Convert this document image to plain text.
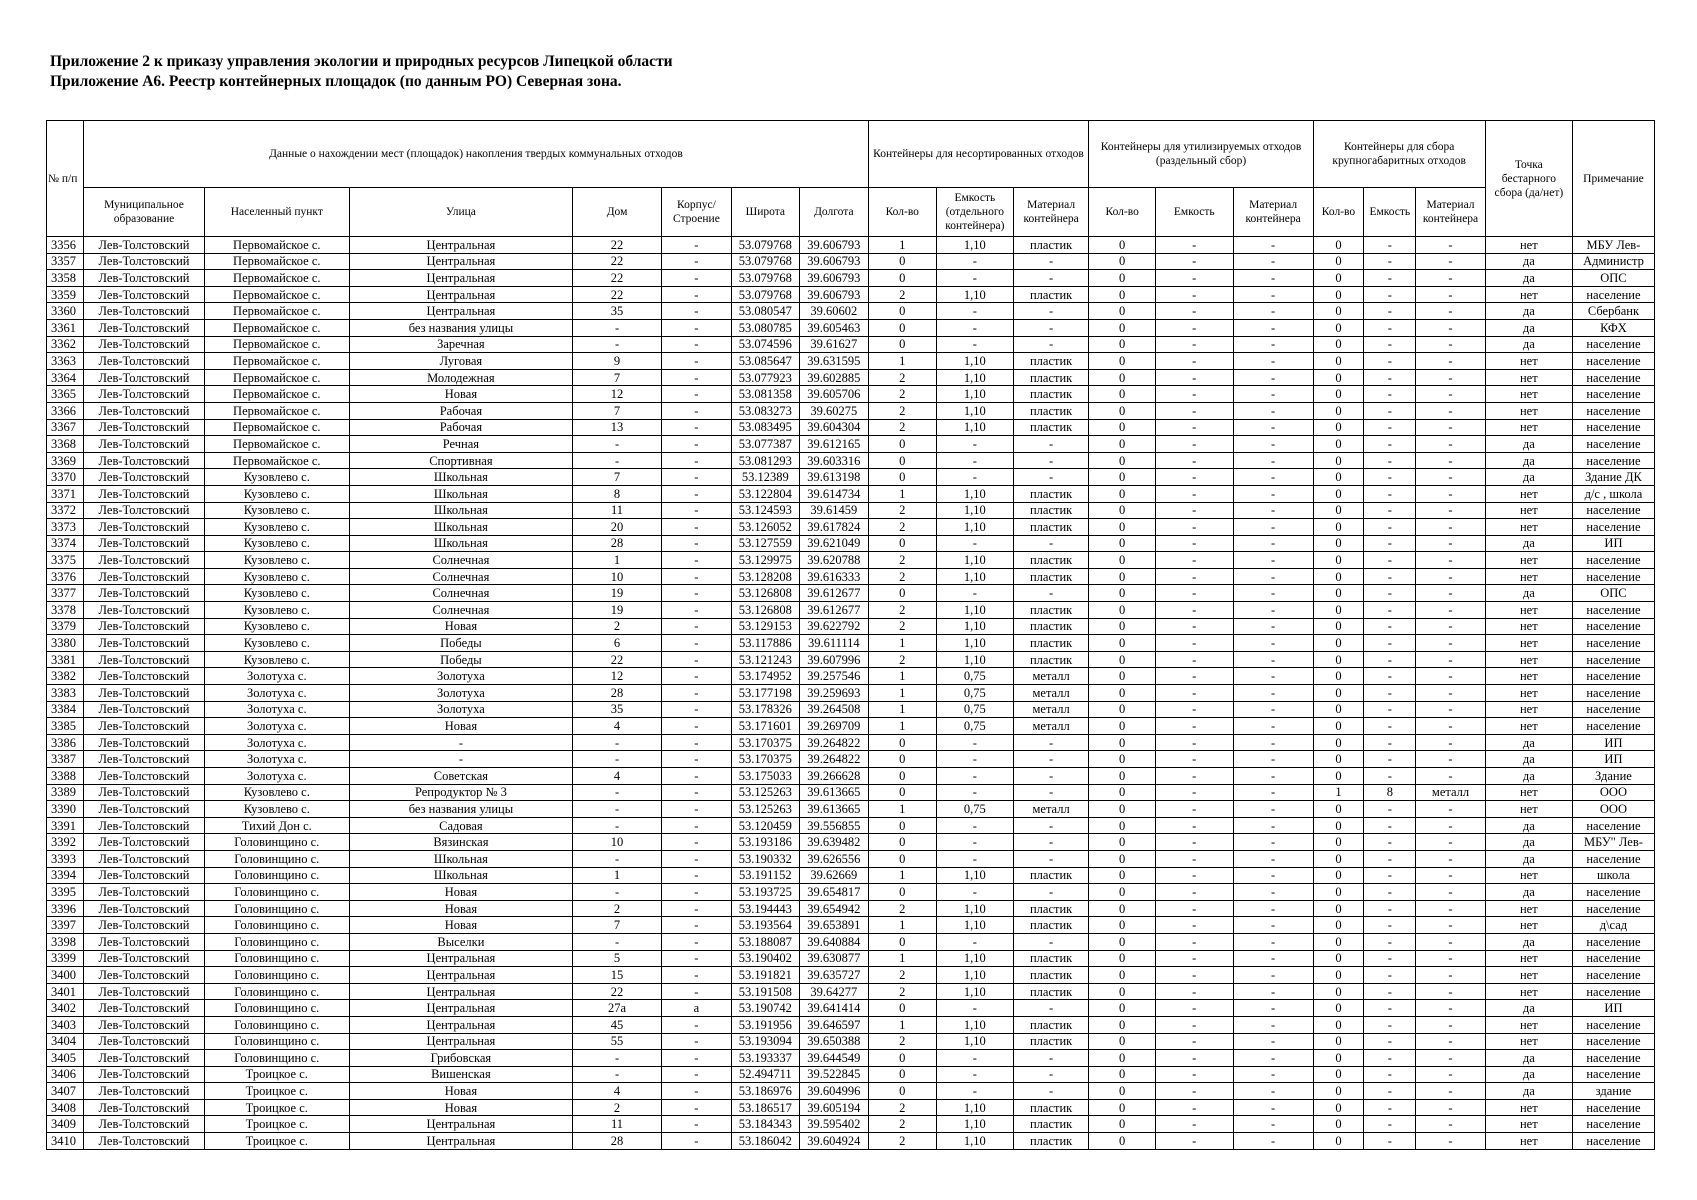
Приложение 2 к приказу управления экологии и природных ресурсов Липецкой области
Приложение А6. Реестр контейнерных площадок (по данным РО) Северная зона.
№ п/п	Данные о нахождении мест (площадок) накопления твердых коммунальных отходов							Контейнеры для несортированных отходов			Контейнеры для утилизируемых отходов (раздельный сбор)			Контейнеры для сбора крупногабаритных отходов			Точка бестарного сбора (да/нет)	Примечание
	Муниципальное образование	Населенный пункт	Улица	Дом	Корпус/ Строение	Широта	Долгота	Кол-во	Емкость (отдельного контейнера)	Материал контейнера	Кол-во	Емкость	Материал контейнера	Кол-во	Емкость	Материал контейнера		
3356	Лев-Толстовский	Первомайское с.	Центральная	22	-	53.079768	39.606793	1	1,10	пластик	0	-	-	0	-	-	нет	МБУ Лев-
3357	Лев-Толстовский	Первомайское с.	Центральная	22	-	53.079768	39.606793	0	-	-	0	-	-	0	-	-	да	Администр
3358	Лев-Толстовский	Первомайское с.	Центральная	22	-	53.079768	39.606793	0	-	-	0	-	-	0	-	-	да	ОПС
3359	Лев-Толстовский	Первомайское с.	Центральная	22	-	53.079768	39.606793	2	1,10	пластик	0	-	-	0	-	-	нет	население
3360	Лев-Толстовский	Первомайское с.	Центральная	35	-	53.080547	39.60602	0	-	-	0	-	-	0	-	-	да	Сбербанк
3361	Лев-Толстовский	Первомайское с.	без названия улицы	-	-	53.080785	39.605463	0	-	-	0	-	-	0	-	-	да	КФХ
3362	Лев-Толстовский	Первомайское с.	Заречная	-	-	53.074596	39.61627	0	-	-	0	-	-	0	-	-	да	население
3363	Лев-Толстовский	Первомайское с.	Луговая	9	-	53.085647	39.631595	1	1,10	пластик	0	-	-	0	-	-	нет	население
3364	Лев-Толстовский	Первомайское с.	Молодежная	7	-	53.077923	39.602885	2	1,10	пластик	0	-	-	0	-	-	нет	население
3365	Лев-Толстовский	Первомайское с.	Новая	12	-	53.081358	39.605706	2	1,10	пластик	0	-	-	0	-	-	нет	население
3366	Лев-Толстовский	Первомайское с.	Рабочая	7	-	53.083273	39.60275	2	1,10	пластик	0	-	-	0	-	-	нет	население
3367	Лев-Толстовский	Первомайское с.	Рабочая	13	-	53.083495	39.604304	2	1,10	пластик	0	-	-	0	-	-	нет	население
3368	Лев-Толстовский	Первомайское с.	Речная	-	-	53.077387	39.612165	0	-	-	0	-	-	0	-	-	да	население
3369	Лев-Толстовский	Первомайское с.	Спортивная	-	-	53.081293	39.603316	0	-	-	0	-	-	0	-	-	да	население
3370	Лев-Толстовский	Кузовлево с.	Школьная	7	-	53.12389	39.613198	0	-	-	0	-	-	0	-	-	да	Здание ДК
3371	Лев-Толстовский	Кузовлево с.	Школьная	8	-	53.122804	39.614734	1	1,10	пластик	0	-	-	0	-	-	нет	д/с , школа
3372	Лев-Толстовский	Кузовлево с.	Школьная	11	-	53.124593	39.61459	2	1,10	пластик	0	-	-	0	-	-	нет	население
3373	Лев-Толстовский	Кузовлево с.	Школьная	20	-	53.126052	39.617824	2	1,10	пластик	0	-	-	0	-	-	нет	население
3374	Лев-Толстовский	Кузовлево с.	Школьная	28	-	53.127559	39.621049	0	-	-	0	-	-	0	-	-	да	ИП
3375	Лев-Толстовский	Кузовлево с.	Солнечная	1	-	53.129975	39.620788	2	1,10	пластик	0	-	-	0	-	-	нет	население
3376	Лев-Толстовский	Кузовлево с.	Солнечная	10	-	53.128208	39.616333	2	1,10	пластик	0	-	-	0	-	-	нет	население
3377	Лев-Толстовский	Кузовлево с.	Солнечная	19	-	53.126808	39.612677	0	-	-	0	-	-	0	-	-	да	ОПС
3378	Лев-Толстовский	Кузовлево с.	Солнечная	19	-	53.126808	39.612677	2	1,10	пластик	0	-	-	0	-	-	нет	население
3379	Лев-Толстовский	Кузовлево с.	Новая	2	-	53.129153	39.622792	2	1,10	пластик	0	-	-	0	-	-	нет	население
3380	Лев-Толстовский	Кузовлево с.	Победы	6	-	53.117886	39.611114	1	1,10	пластик	0	-	-	0	-	-	нет	население
3381	Лев-Толстовский	Кузовлево с.	Победы	22	-	53.121243	39.607996	2	1,10	пластик	0	-	-	0	-	-	нет	население
3382	Лев-Толстовский	Золотуха с.	Золотуха	12	-	53.174952	39.257546	1	0,75	металл	0	-	-	0	-	-	нет	население
3383	Лев-Толстовский	Золотуха с.	Золотуха	28	-	53.177198	39.259693	1	0,75	металл	0	-	-	0	-	-	нет	население
3384	Лев-Толстовский	Золотуха с.	Золотуха	35	-	53.178326	39.264508	1	0,75	металл	0	-	-	0	-	-	нет	население
3385	Лев-Толстовский	Золотуха с.	Новая	4	-	53.171601	39.269709	1	0,75	металл	0	-	-	0	-	-	нет	население
3386	Лев-Толстовский	Золотуха с.	-	-	-	53.170375	39.264822	0	-	-	0	-	-	0	-	-	да	ИП
3387	Лев-Толстовский	Золотуха с.	-	-	-	53.170375	39.264822	0	-	-	0	-	-	0	-	-	да	ИП
3388	Лев-Толстовский	Золотуха с.	Советская	4	-	53.175033	39.266628	0	-	-	0	-	-	0	-	-	да	Здание
3389	Лев-Толстовский	Кузовлево с.	Репродуктор № 3	-	-	53.125263	39.613665	0	-	-	0	-	-	1	8	металл	нет	ООО
3390	Лев-Толстовский	Кузовлево с.	без названия улицы	-	-	53.125263	39.613665	1	0,75	металл	0	-	-	0	-	-	нет	ООО
3391	Лев-Толстовский	Тихий Дон с.	Садовая	-	-	53.120459	39.556855	0	-	-	0	-	-	0	-	-	да	население
3392	Лев-Толстовский	Головинщино с.	Вязинская	10	-	53.193186	39.639482	0	-	-	0	-	-	0	-	-	да	МБУ" Лев-
3393	Лев-Толстовский	Головинщино с.	Школьная	-	-	53.190332	39.626556	0	-	-	0	-	-	0	-	-	да	население
3394	Лев-Толстовский	Головинщино с.	Школьная	1	-	53.191152	39.62669	1	1,10	пластик	0	-	-	0	-	-	нет	школа
3395	Лев-Толстовский	Головинщино с.	Новая	-	-	53.193725	39.654817	0	-	-	0	-	-	0	-	-	да	население
3396	Лев-Толстовский	Головинщино с.	Новая	2	-	53.194443	39.654942	2	1,10	пластик	0	-	-	0	-	-	нет	население
3397	Лев-Толстовский	Головинщино с.	Новая	7	-	53.193564	39.653891	1	1,10	пластик	0	-	-	0	-	-	нет	д\сад
3398	Лев-Толстовский	Головинщино с.	Выселки	-	-	53.188087	39.640884	0	-	-	0	-	-	0	-	-	да	население
3399	Лев-Толстовский	Головинщино с.	Центральная	5	-	53.190402	39.630877	1	1,10	пластик	0	-	-	0	-	-	нет	население
3400	Лев-Толстовский	Головинщино с.	Центральная	15	-	53.191821	39.635727	2	1,10	пластик	0	-	-	0	-	-	нет	население
3401	Лев-Толстовский	Головинщино с.	Центральная	22	-	53.191508	39.64277	2	1,10	пластик	0	-	-	0	-	-	нет	население
3402	Лев-Толстовский	Головинщино с.	Центральная	27а	а	53.190742	39.641414	0	-	-	0	-	-	0	-	-	да	ИП
3403	Лев-Толстовский	Головинщино с.	Центральная	45	-	53.191956	39.646597	1	1,10	пластик	0	-	-	0	-	-	нет	население
3404	Лев-Толстовский	Головинщино с.	Центральная	55	-	53.193094	39.650388	2	1,10	пластик	0	-	-	0	-	-	нет	население
3405	Лев-Толстовский	Головинщино с.	Грибовская	-	-	53.193337	39.644549	0	-	-	0	-	-	0	-	-	да	население
3406	Лев-Толстовский	Троицкое с.	Вишенская	-	-	52.494711	39.522845	0	-	-	0	-	-	0	-	-	да	население
3407	Лев-Толстовский	Троицкое с.	Новая	4	-	53.186976	39.604996	0	-	-	0	-	-	0	-	-	да	здание
3408	Лев-Толстовский	Троицкое с.	Новая	2	-	53.186517	39.605194	2	1,10	пластик	0	-	-	0	-	-	нет	население
3409	Лев-Толстовский	Троицкое с.	Центральная	11	-	53.184343	39.595402	2	1,10	пластик	0	-	-	0	-	-	нет	население
3410	Лев-Толстовский	Троицкое с.	Центральная	28	-	53.186042	39.604924	2	1,10	пластик	0	-	-	0	-	-	нет	население
